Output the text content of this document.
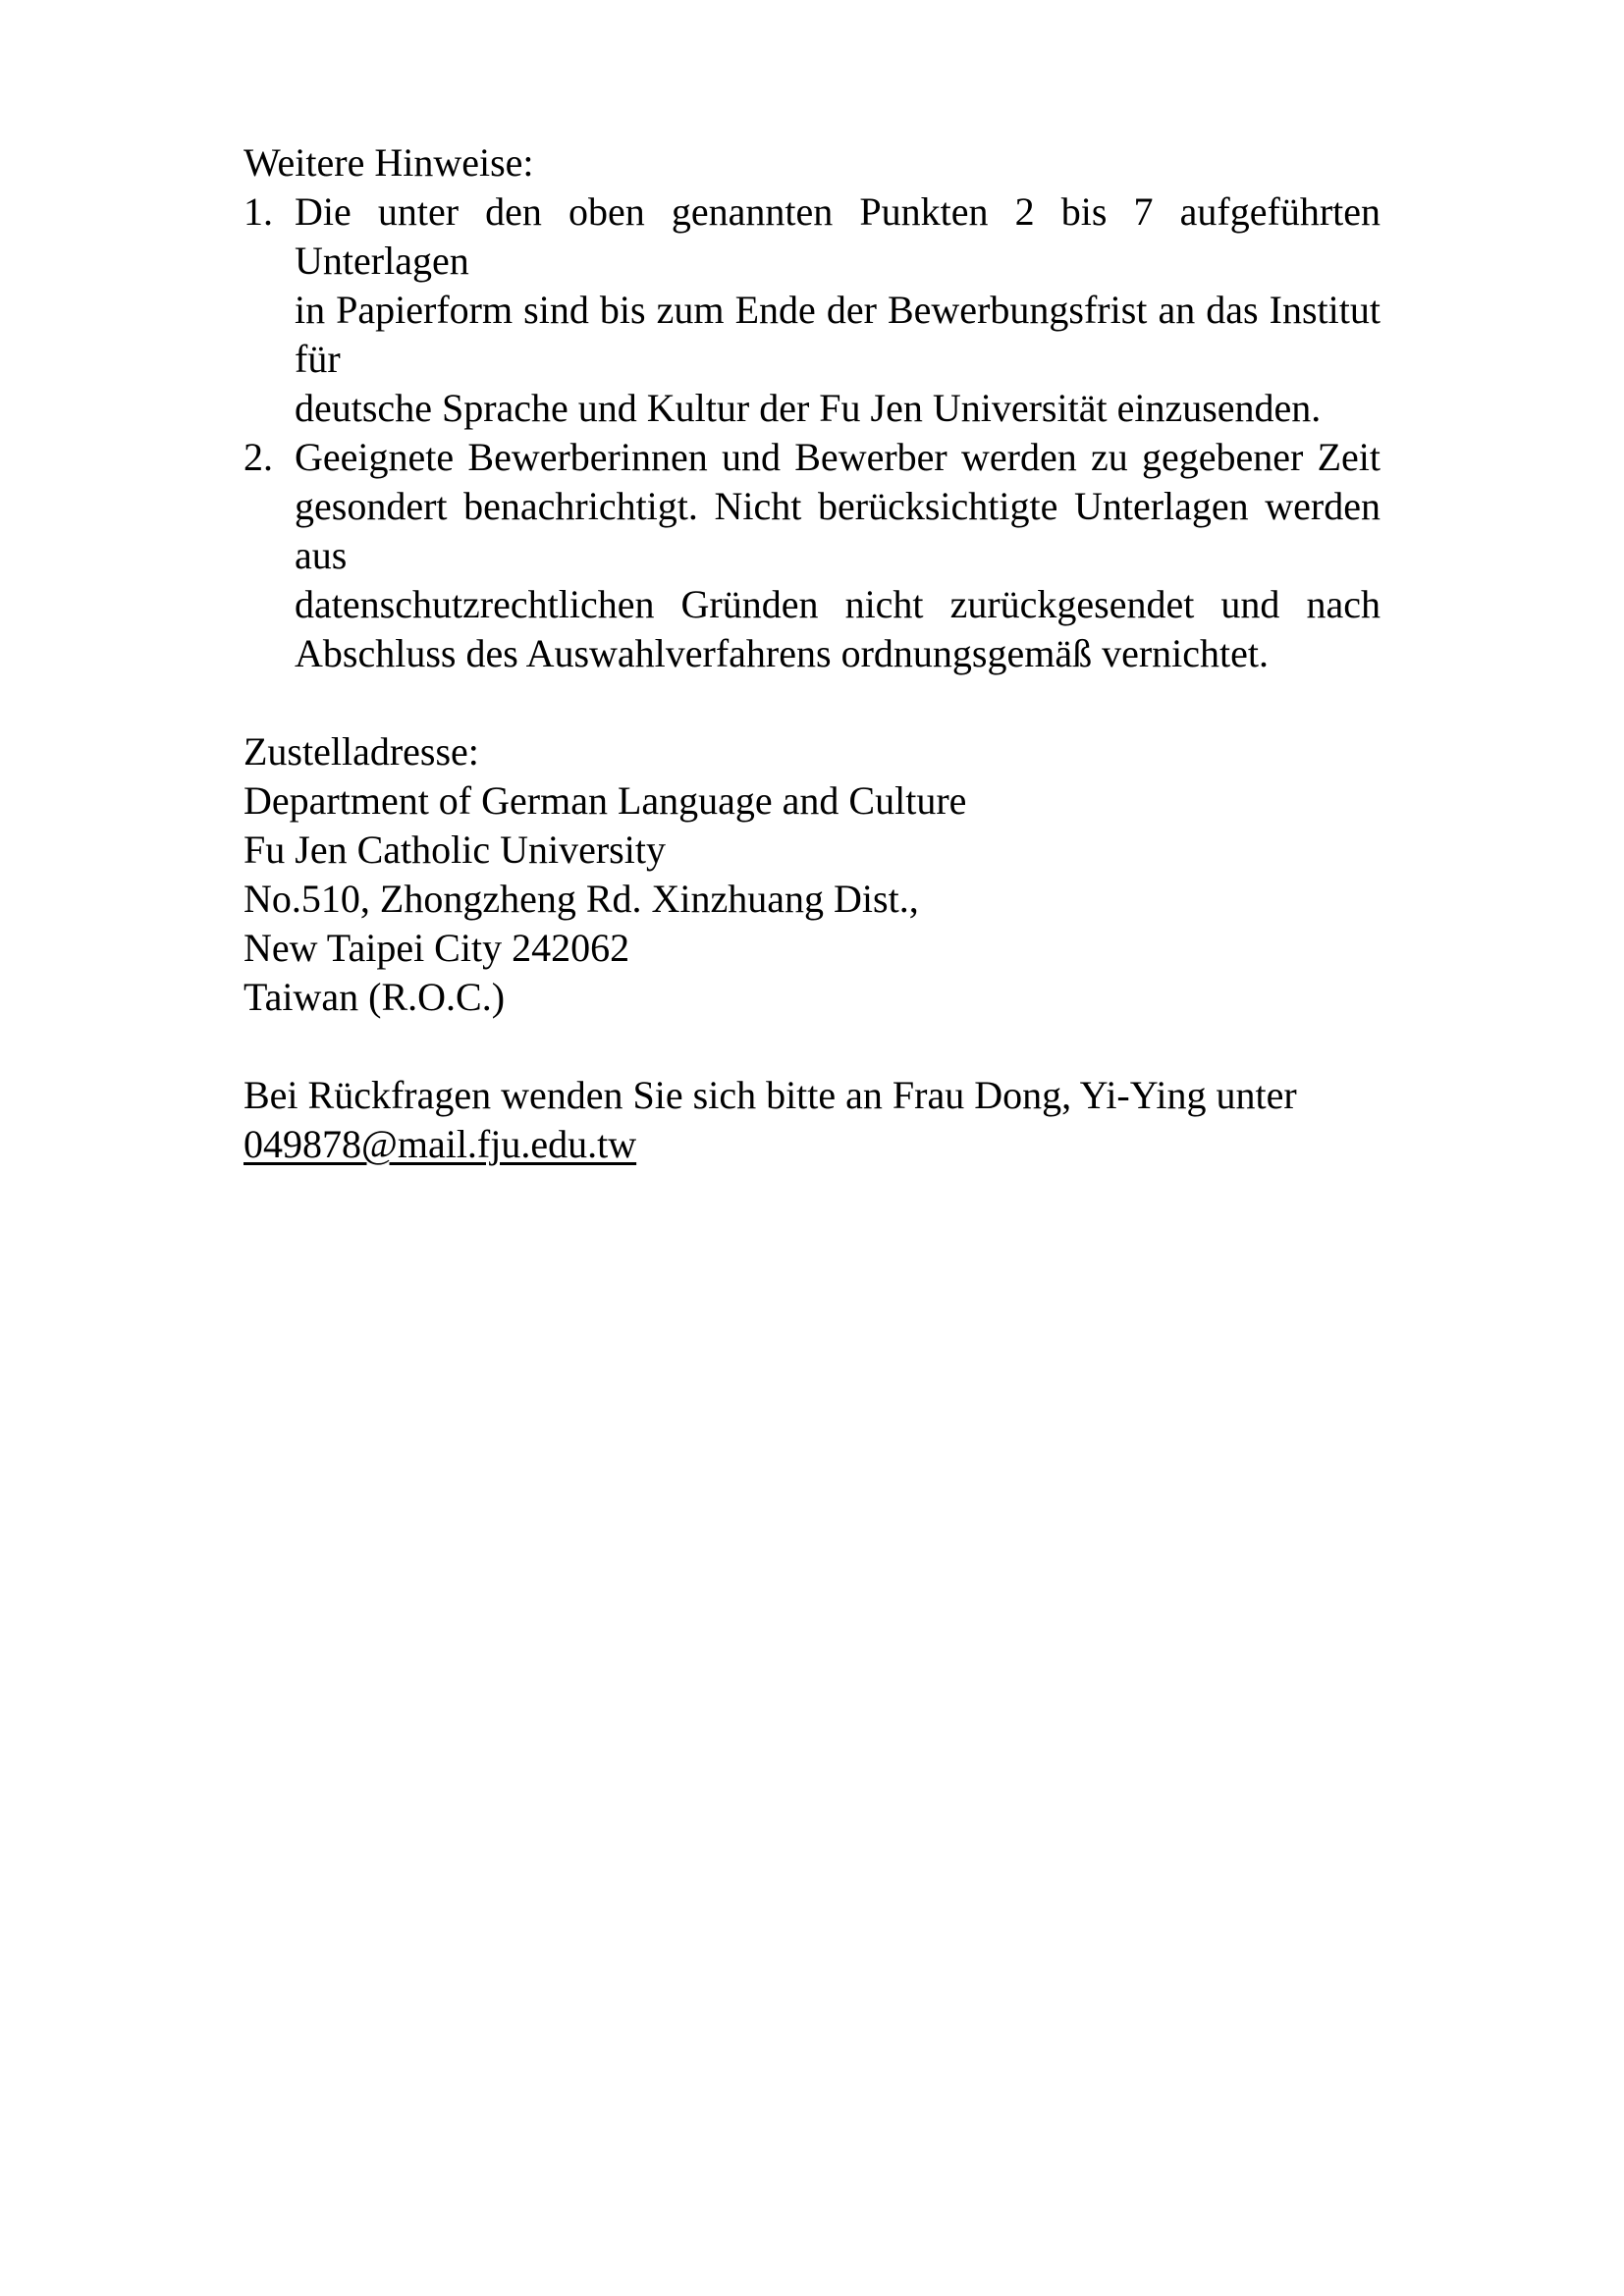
Weitere Hinweise:
1. Die unter den oben genannten Punkten 2 bis 7 aufgeführten Unterlagen
in Papierform sind bis zum Ende der Bewerbungsfrist an das Institut für
deutsche Sprache und Kultur der Fu Jen Universität einzusenden.
2. Geeignete Bewerberinnen und Bewerber werden zu gegebener Zeit
gesondert benachrichtigt. Nicht berücksichtigte Unterlagen werden aus
datenschutzrechtlichen Gründen nicht zurückgesendet und nach
Abschluss des Auswahlverfahrens ordnungsgemäß vernichtet.
Zustelladresse:
Department of German Language and Culture
Fu Jen Catholic University
No.510, Zhongzheng Rd. Xinzhuang Dist.,
New Taipei City 242062
Taiwan (R.O.C.)
Bei Rückfragen wenden Sie sich bitte an Frau Dong, Yi-Ying unter
049878@mail.fju.edu.tw
